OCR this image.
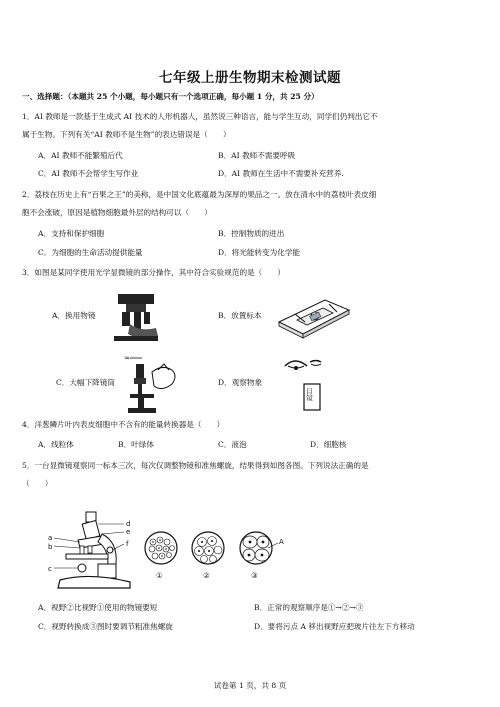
七年级上册生物期末检测试题
一、选择题：（本题共 25 个小题，每小题只有一个选项正确，每小题 1 分，共 25 分）
1．AI 教师是一款基于生成式 AI 技术的人形机器人，虽然说三种语言，能与学生互动，同学们仍判出它不
属于生物。下列有关“AI 教师不是生物”的表达错误是（　　）
A．AI 教师不能繁殖后代	B．AI 教师不需要呼吸
C．AI 教师不会帮学生写作业	D．AI 教师在生活中不需要补充营养.
2．荔枝在历史上有“百果之王”的美称，是中国文化底蕴最为深厚的果品之一。放在清水中的荔枝叶表皮细
胞不会涨破，原因是植物细胞最外层的结构可以（　　）
A．支持和保护细胞	B．控制物质的进出
C．为细胞的生命活动提供能量	D．将光能转变为化学能
3．如图是某同学使用光学显微镜的部分操作，其中符合实验规范的是（　　）
A．换用物镜	B．放置标本
≈
C．大幅下降镜筒
目镜
D．观察物象
4．洋葱鳞片叶内表皮细胞中不含有的能量转换器是（　　）
A．线粒体	B．叶绿体	C．液泡	D．细胞核
5．一台显微镜观察同一标本三次，每次仅调整物镜和准焦螺旋，结果得到如图各图。下列说法正确的是
（　　）
a
b
c
d
e
f	A
①	②	③
A．视野②比视野①使用的物镜要短	B．正常的观察顺序是①→②→③
C．视野转换成③图时要调节粗准焦螺旋	D．要将污点 A 移出视野应把玻片往左下方移动
试卷第 1 页，共 8 页
